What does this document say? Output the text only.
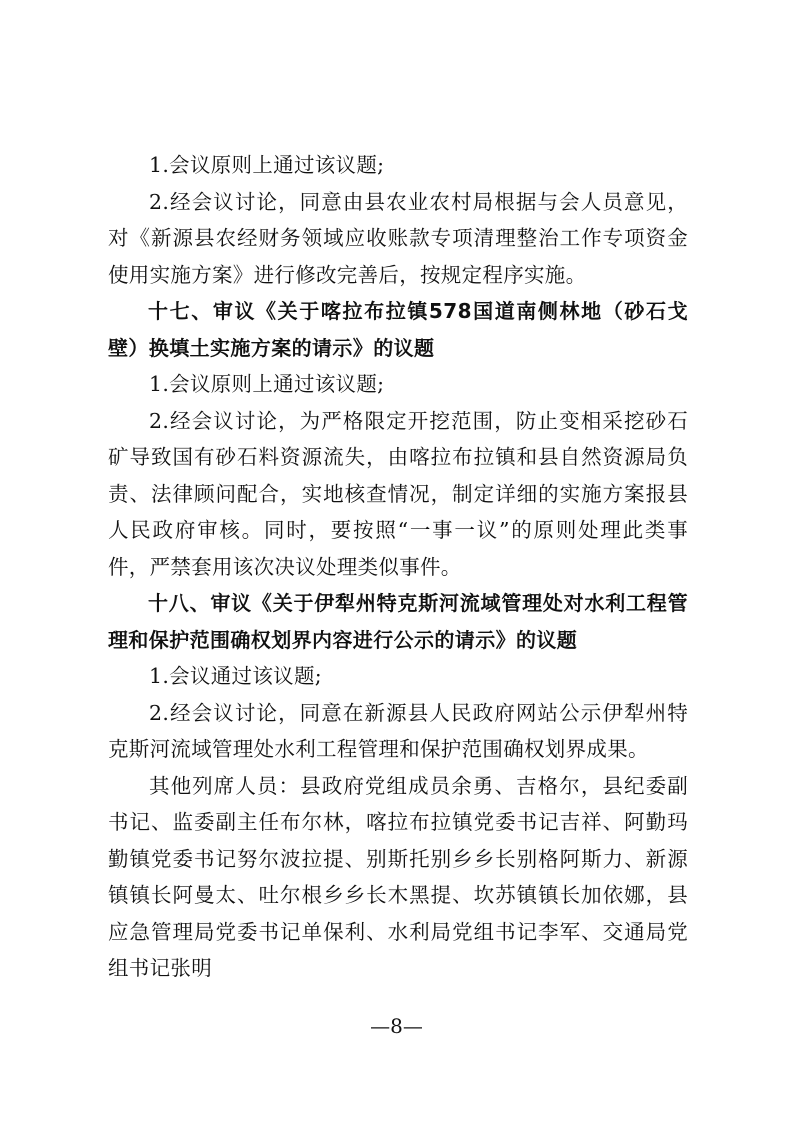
1.会议原则上通过该议题;

2.经会议讨论，同意由县农业农村局根据与会人员意见，对《新源县农经财务领域应收账款专项清理整治工作专项资金使用实施方案》进行修改完善后，按规定程序实施。

十七、审议《关于喀拉布拉镇578国道南侧林地（砂石戈壁）换填土实施方案的请示》的议题

1.会议原则上通过该议题;

2.经会议讨论，为严格限定开挖范围，防止变相采挖砂石矿导致国有砂石料资源流失，由喀拉布拉镇和县自然资源局负责、法律顾问配合，实地核查情况，制定详细的实施方案报县人民政府审核。同时，要按照“一事一议”的原则处理此类事件，严禁套用该次决议处理类似事件。

十八、审议《关于伊犁州特克斯河流域管理处对水利工程管理和保护范围确权划界内容进行公示的请示》的议题

1.会议通过该议题;

2.经会议讨论，同意在新源县人民政府网站公示伊犁州特克斯河流域管理处水利工程管理和保护范围确权划界成果。

其他列席人员：县政府党组成员余勇、吉格尔，县纪委副书记、监委副主任布尔林，喀拉布拉镇党委书记吉祥、阿勤玛勤镇党委书记努尔波拉提、别斯托别乡乡长别格阿斯力、新源镇镇长阿曼太、吐尔根乡乡长木黑提、坎苏镇镇长加依娜，县应急管理局党委书记单保利、水利局党组书记李军、交通局党组书记张明

—8—
